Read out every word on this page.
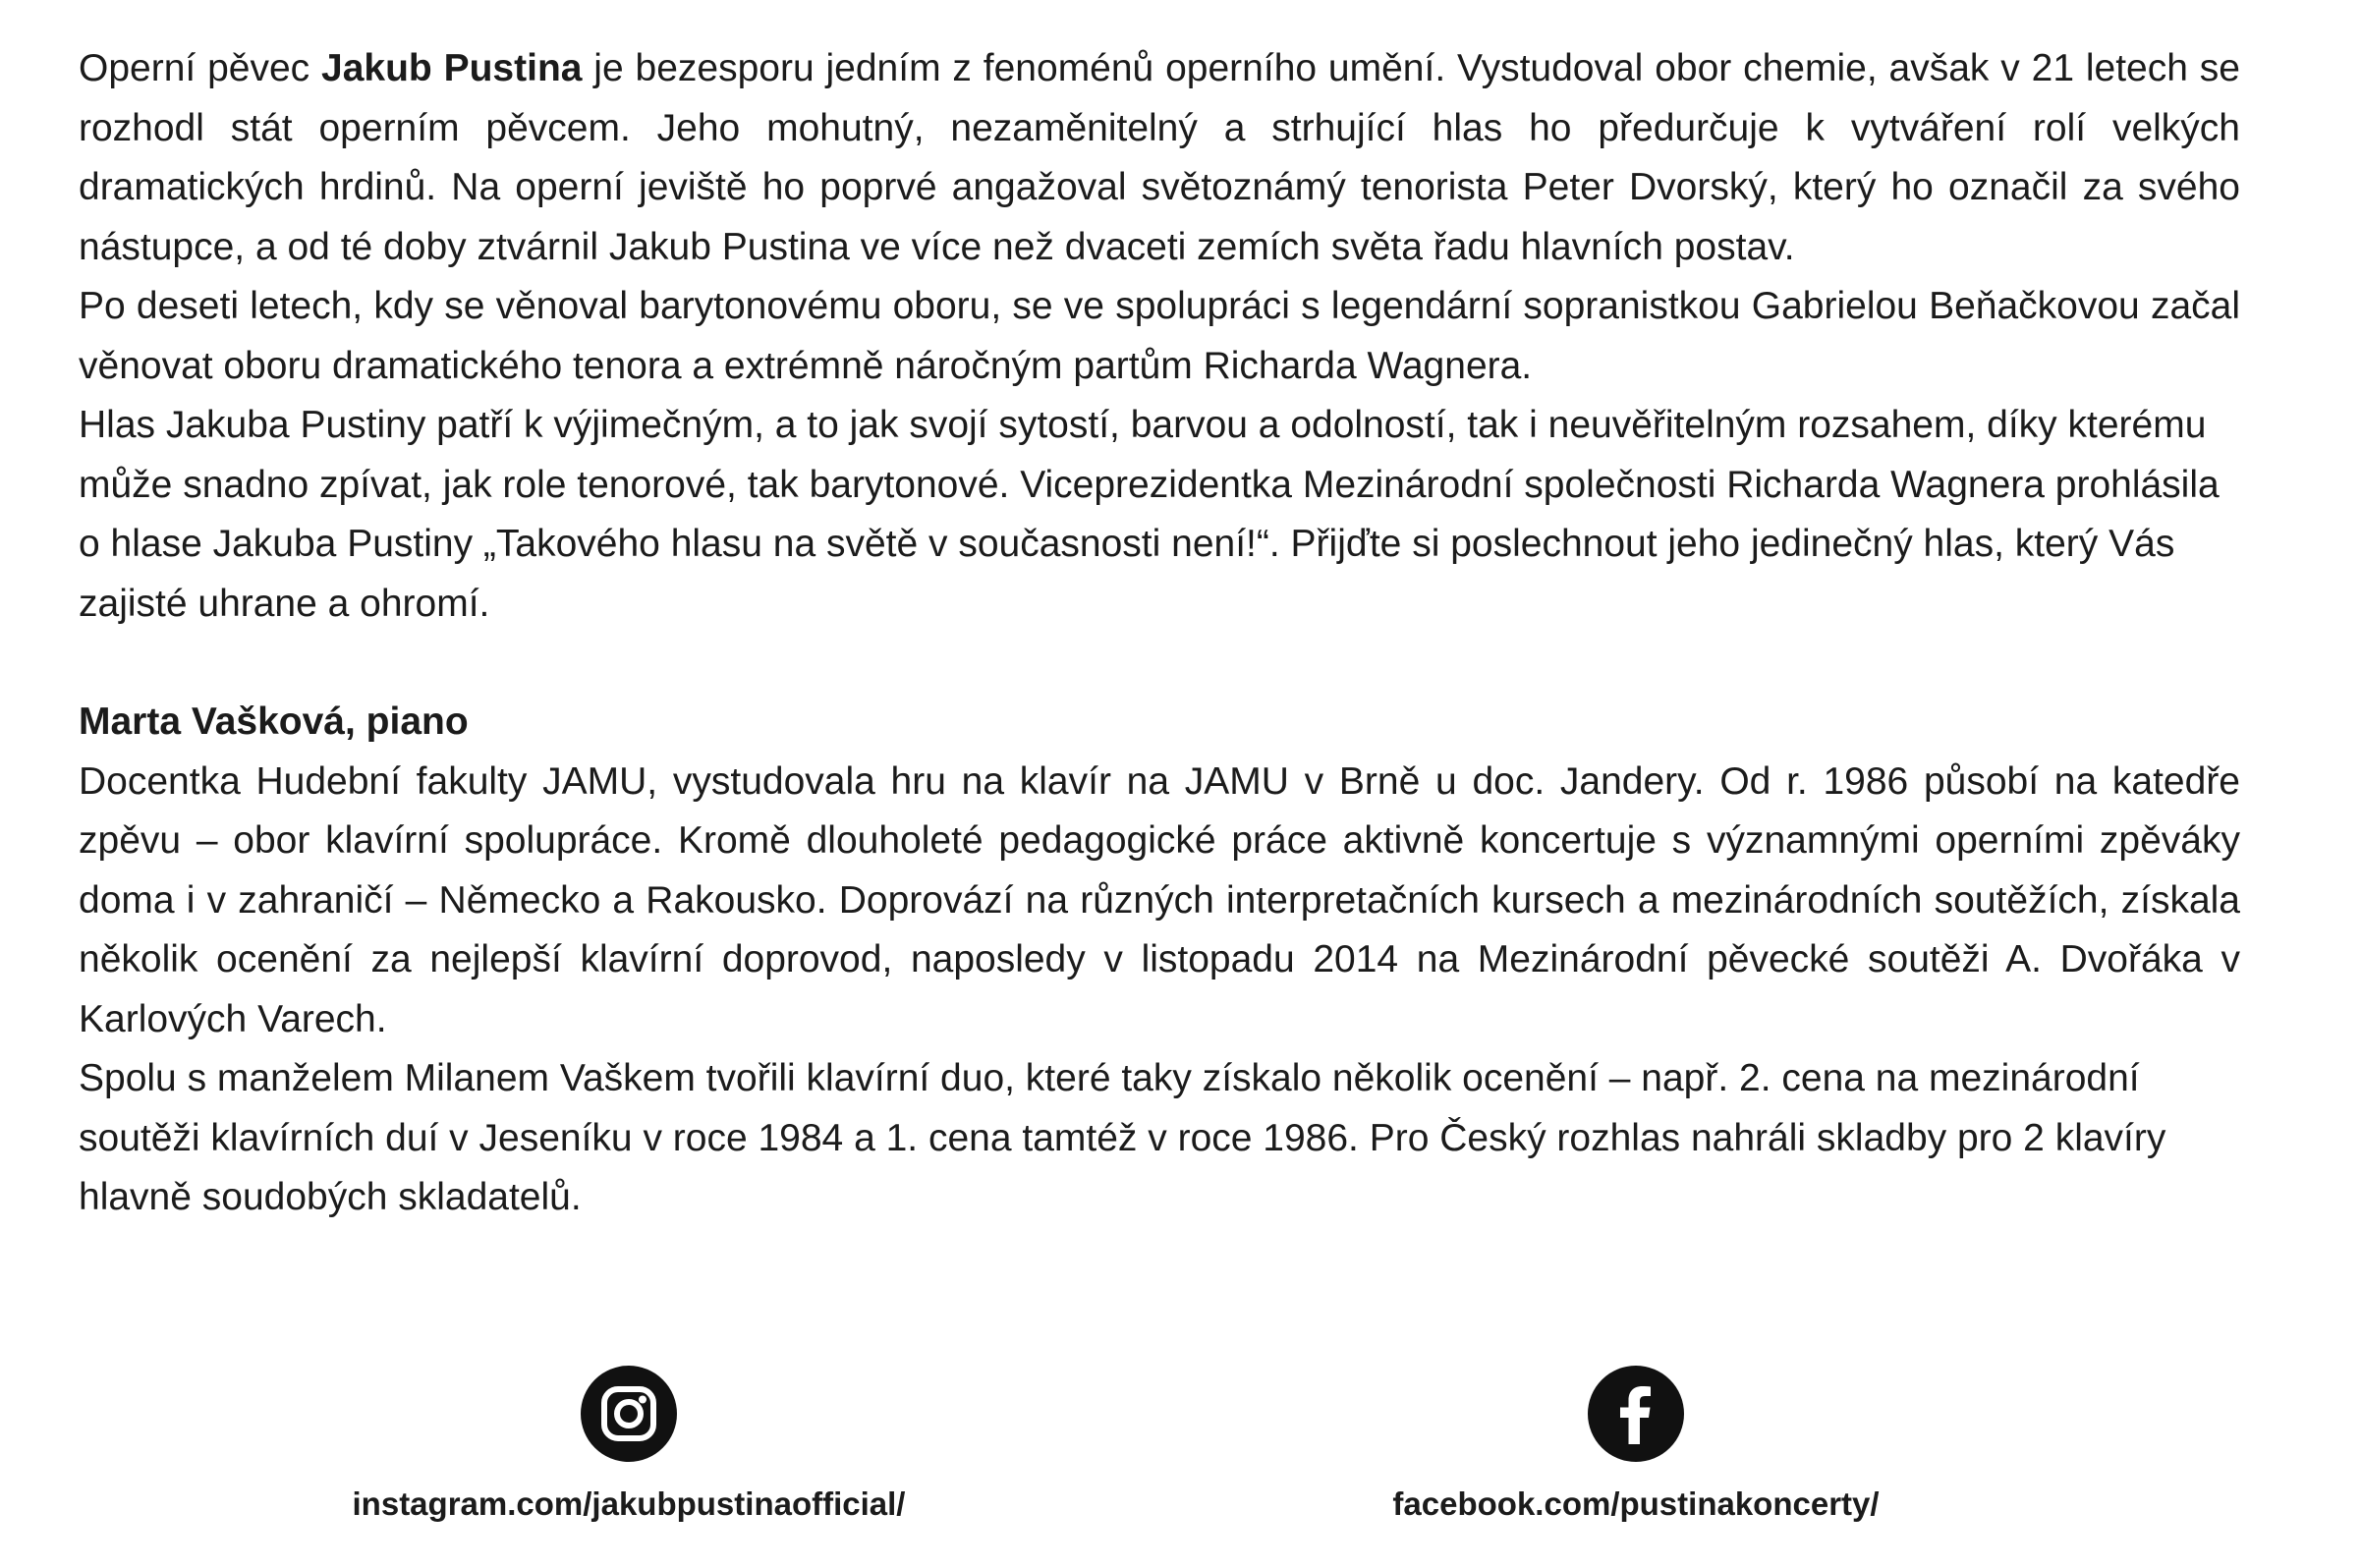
Operní pěvec Jakub Pustina je bezesporu jedním z fenoménů operního umění. Vystudoval obor chemie, avšak v 21 letech se rozhodl stát operním pěvcem. Jeho mohutný, nezaměnitelný a strhující hlas ho předurčuje k vytváření rolí velkých dramatických hrdinů. Na operní jeviště ho poprvé angažoval světoznámý tenorista Peter Dvorský, který ho označil za svého nástupce, a od té doby ztvárnil Jakub Pustina ve více než dvaceti zemích světa řadu hlavních postav.

Po deseti letech, kdy se věnoval barytonovému oboru, se ve spolupráci s legendární sopranistkou Gabrielou Beňačkovou začal věnovat oboru dramatického tenora a extrémně náročným partům Richarda Wagnera.

Hlas Jakuba Pustiny patří k výjimečným, a to jak svojí sytostí, barvou a odolností, tak i neuvěřitelným rozsahem, díky kterému může snadno zpívat, jak role tenorové, tak barytonové. Viceprezidentka Mezinárodní společnosti Richarda Wagnera prohlásila o hlase Jakuba Pustiny „Takového hlasu na světě v současnosti není!“. Přijďte si poslechnout jeho jedinečný hlas, který Vás zajisté uhrane a ohromí.

Marta Vašková, piano

Docentka Hudební fakulty JAMU, vystudovala hru na klavír na JAMU v Brně u doc. Jandery. Od r. 1986 působí na katedře zpěvu – obor klavírní spolupráce. Kromě dlouholeté pedagogické práce aktivně koncertuje s významnými operními zpěváky doma i v zahraničí – Německo a Rakousko. Doprovází na různých interpretačních kursech a mezinárodních soutěžích, získala několik ocenění za nejlepší klavírní doprovod, naposledy v listopadu 2014 na Mezinárodní pěvecké soutěži A. Dvořáka v Karlových Varech.

Spolu s manželem Milanem Vaškem tvořili klavírní duo, které taky získalo několik ocenění – např. 2. cena na mezinárodní soutěži klavírních duí v Jeseníku v roce 1984 a 1. cena tamtéž v roce 1986. Pro Český rozhlas nahráli skladby pro 2 klavíry hlavně soudobých skladatelů.

instagram.com/jakubpustinaofficial/	facebook.com/pustinakoncerty/
